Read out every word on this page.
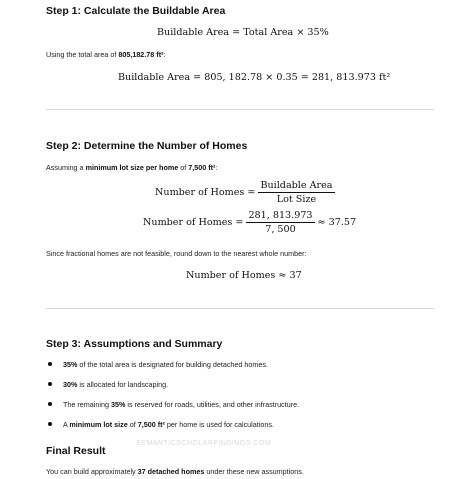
Step 1: Calculate the Buildable Area
Buildable Area = Total Area × 35%

Using the total area of 805,182.78 ft²:

Buildable Area = 805, 182.78 × 0.35 = 281, 813.973 ft²
Step 2: Determine the Number of Homes

Assuming a minimum lot size per home of 7,500 ft²:

Number of Homes = $\frac{\text{Buildable Area}}{\text{Lot Size}}$
Number of Homes = $\frac{281, 813.973}{7, 500} \approx 37.57$

Since fractional homes are not feasible, round down to the nearest whole number:

Number of Homes ≈ 37
Step 3: Assumptions and Summary
35% of the total area is designated for building detached homes.
30% is allocated for landscaping.
The remaining 35% is reserved for roads, utilities, and other infrastructure.
A minimum lot size of 7,500 ft² per home is used for calculations.
SEMANTICSCHOLARFINDINGS.COM
Final Result

You can build approximately 37 detached homes under these new assumptions.
